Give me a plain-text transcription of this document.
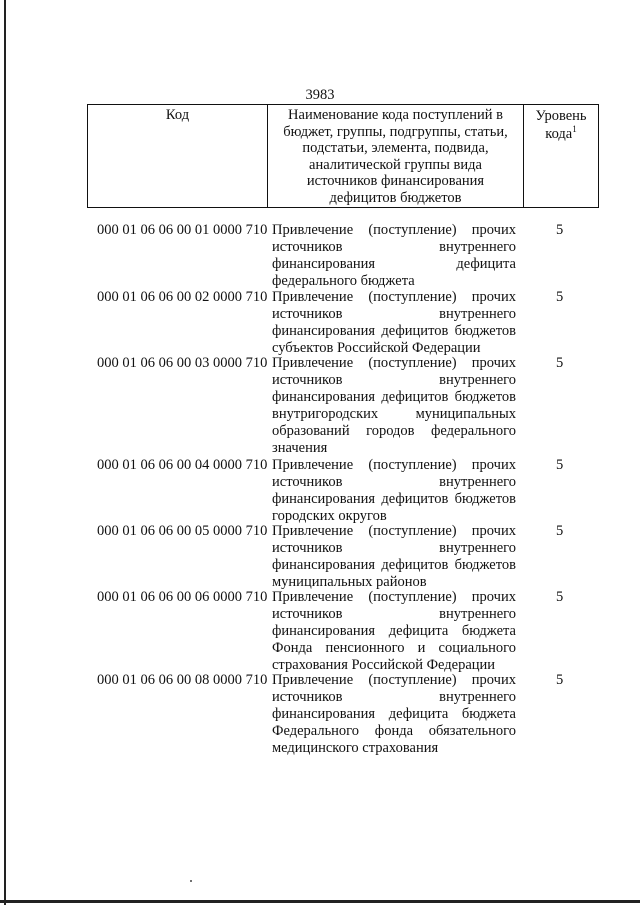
3983
Код	Наименование кода поступлений в
бюджет, группы, подгруппы, статьи,
подстатьи, элемента, подвида,
аналитической группы вида
источников финансирования
дефицитов бюджетов
Уровень
кода$^1$
000 01 06 06 00 01 0000 710 Привлечение (поступление) прочих
источников внутреннего
финансирования дефицита
федерального бюджета
5
000 01 06 06 00 02 0000 710 Привлечение (поступление) прочих
источников внутреннего
финансирования дефицитов бюджетов
субъектов Российской Федерации
5
000 01 06 06 00 03 0000 710 Привлечение (поступление) прочих
источников внутреннего
финансирования дефицитов бюджетов
внутригородских муниципальных
образований городов федерального
значения
5
000 01 06 06 00 04 0000 710 Привлечение (поступление) прочих
источников внутреннего
финансирования дефицитов бюджетов
городских округов
5
000 01 06 06 00 05 0000 710 Привлечение (поступление) прочих
источников внутреннего
финансирования дефицитов бюджетов
муниципальных районов
5
000 01 06 06 00 06 0000 710 Привлечение (поступление) прочих
источников внутреннего
финансирования дефицита бюджета
Фонда пенсионного и социального
страхования Российской Федерации
5
000 01 06 06 00 08 0000 710 Привлечение (поступление) прочих
источников внутреннего
финансирования дефицита бюджета
Федерального фонда обязательного
медицинского страхования
5
